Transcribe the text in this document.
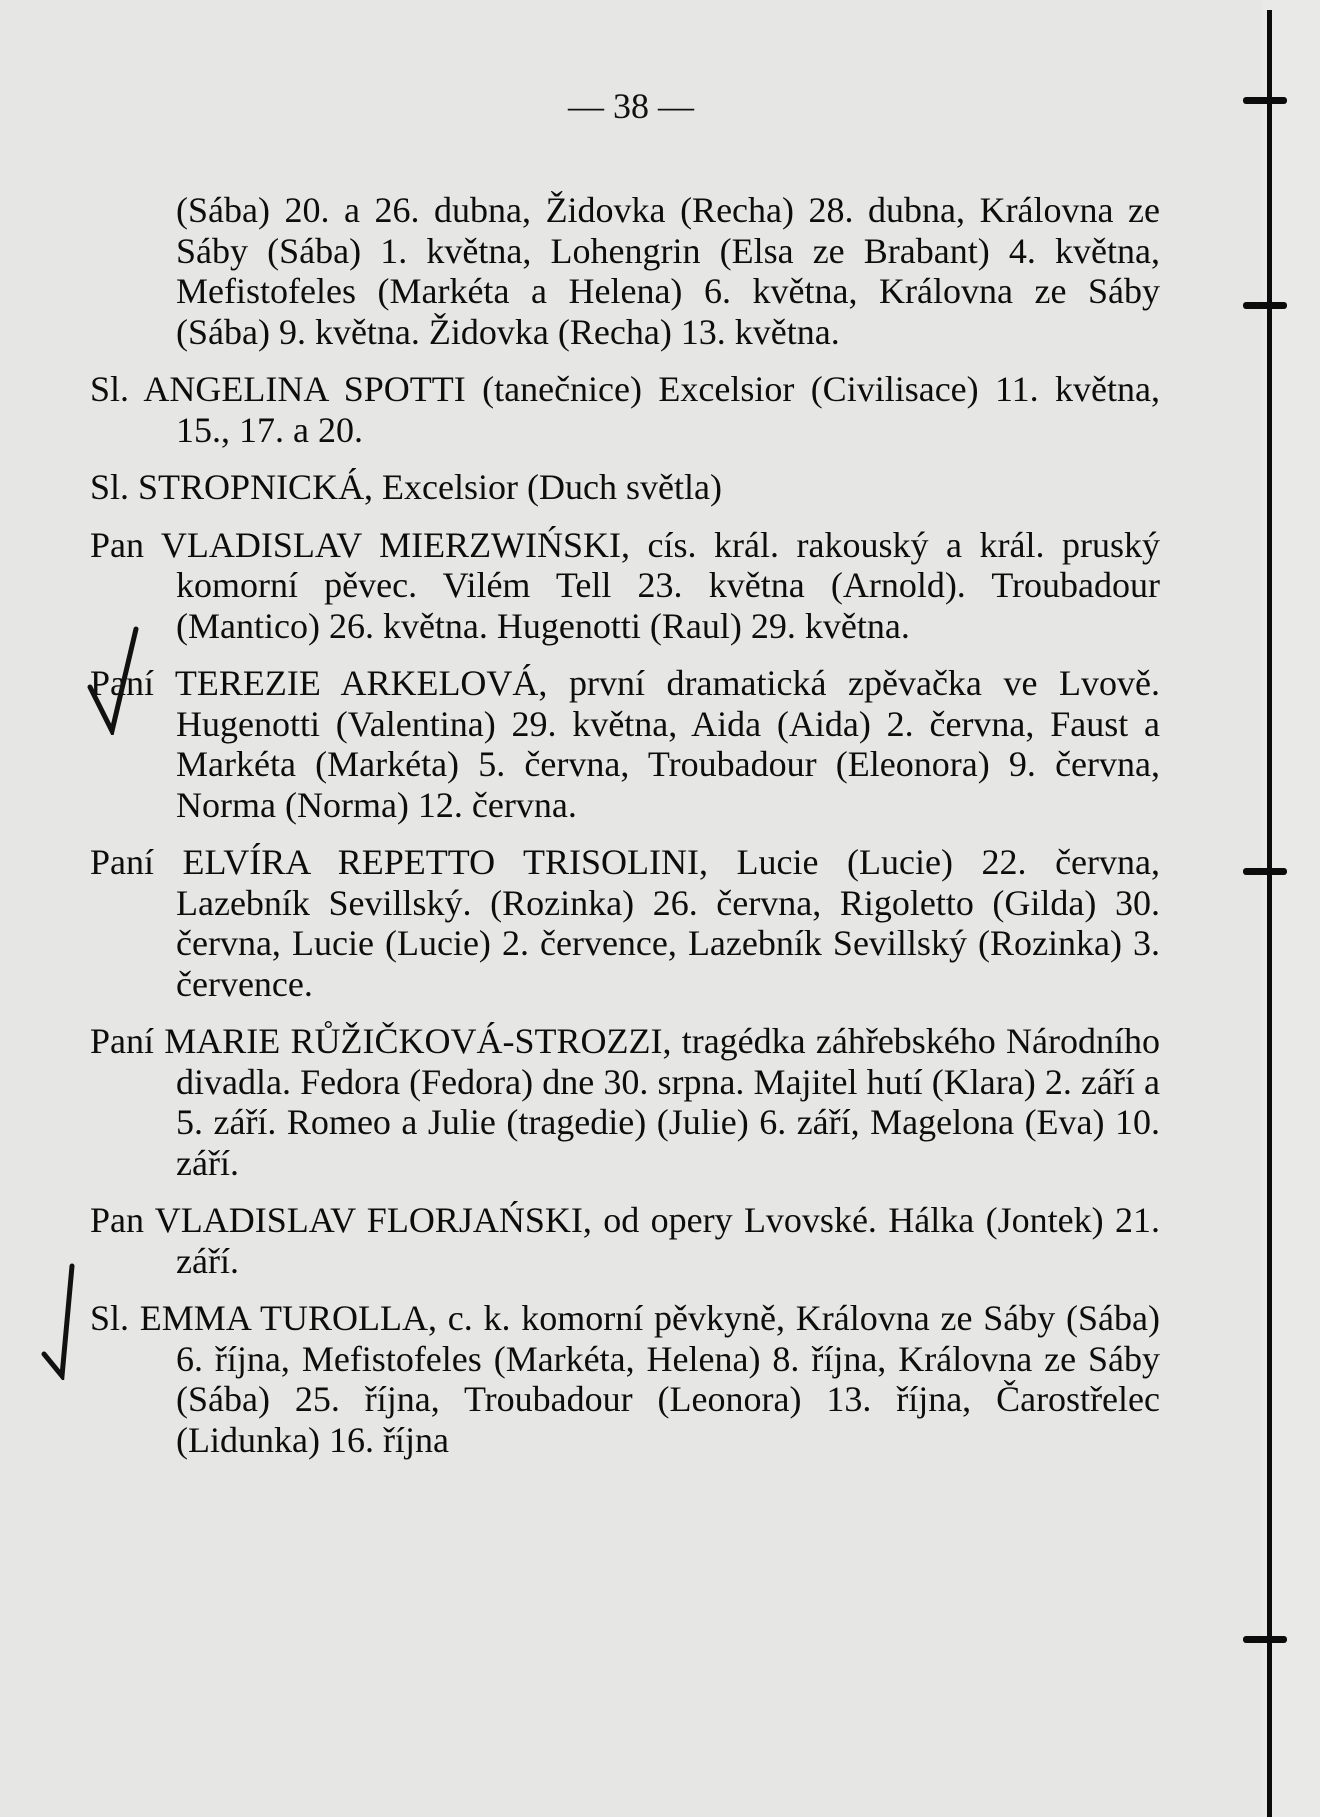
— 38 —

(Sába) 20. a 26. dubna, Židovka (Recha) 28. dubna, Královna ze Sáby (Sába) 1. května, Lohengrin (Elsa ze Brabant) 4. května, Mefistofeles (Markéta a Helena) 6. května, Královna ze Sáby (Sába) 9. května. Židovka (Recha) 13. května.

Sl. ANGELINA SPOTTI (tanečnice) Excelsior (Civilisace) 11. května, 15., 17. a 20.

Sl. STROPNICKÁ, Excelsior (Duch světla)

Pan VLADISLAV MIERZWIŃSKI, cís. král. rakouský a král. pruský komorní pěvec. Vilém Tell 23. května (Arnold). Troubadour (Mantico) 26. května. Hugenotti (Raul) 29. května.

Paní TEREZIE ARKELOVÁ, první dramatická zpěvačka ve Lvově. Hugenotti (Valentina) 29. května, Aida (Aida) 2. června, Faust a Markéta (Markéta) 5. června, Troubadour (Eleonora) 9. června, Norma (Norma) 12. června.

Paní ELVÍRA REPETTO TRISOLINI, Lucie (Lucie) 22. června, Lazebník Sevillský. (Rozinka) 26. června, Rigoletto (Gilda) 30. června, Lucie (Lucie) 2. července, Lazebník Sevillský (Rozinka) 3. července.

Paní MARIE RŮŽIČKOVÁ-STROZZI, tragédka záhřebského Národního divadla. Fedora (Fedora) dne 30. srpna. Majitel hutí (Klara) 2. září a 5. září. Romeo a Julie (tragedie) (Julie) 6. září, Magelona (Eva) 10. září.

Pan VLADISLAV FLORJAŃSKI, od opery Lvovské. Hálka (Jontek) 21. září.

Sl. EMMA TUROLLA, c. k. komorní pěvkyně, Královna ze Sáby (Sába) 6. října, Mefistofeles (Markéta, Helena) 8. října, Královna ze Sáby (Sába) 25. října, Troubadour (Leonora) 13. října, Čarostřelec (Lidunka) 16. října
